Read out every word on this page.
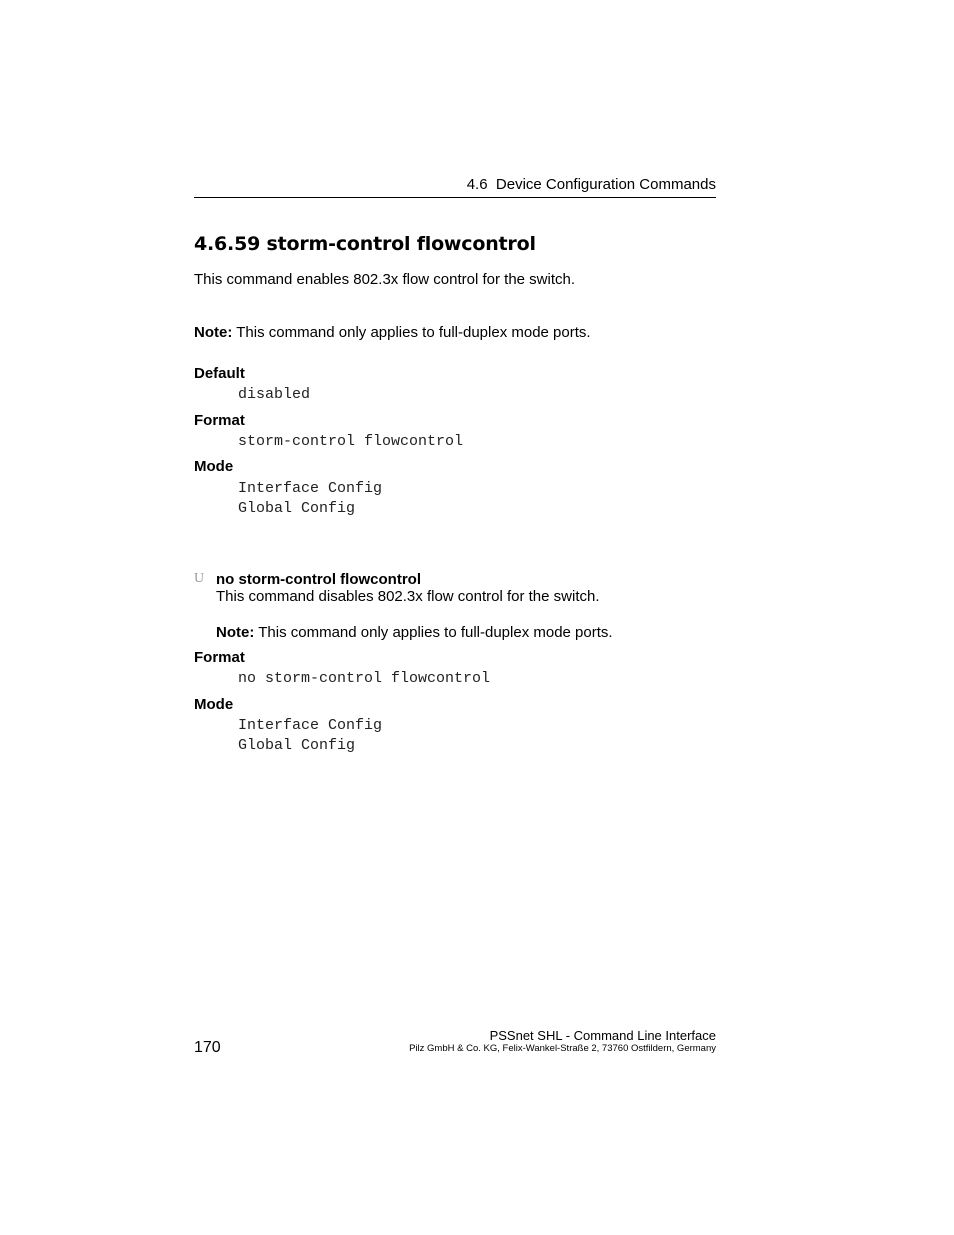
4.6 Device Configuration Commands
4.6.59 storm-control flowcontrol
This command enables 802.3x flow control for the switch.
Note: This command only applies to full-duplex mode ports.
Default
disabled
Format
storm-control flowcontrol
Mode
Interface Config
Global Config
U no storm-control flowcontrol
This command disables 802.3x flow control for the switch.
Note: This command only applies to full-duplex mode ports.
Format
no storm-control flowcontrol
Mode
Interface Config
Global Config
170
PSSnet SHL - Command Line Interface
Pilz GmbH & Co. KG, Felix-Wankel-Straße 2, 73760 Ostfildern, Germany
